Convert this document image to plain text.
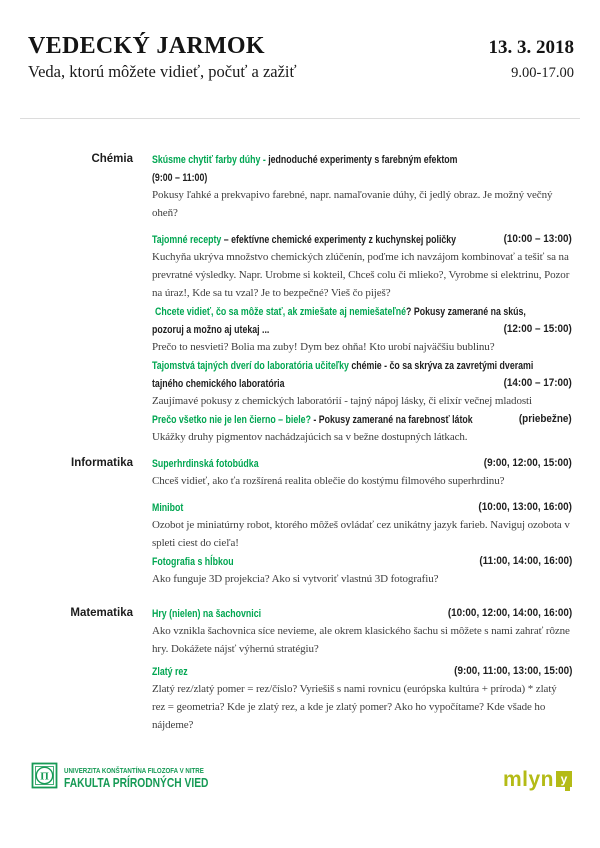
VEDECKÝ JARMOK	13. 3. 2018
Veda, ktorú môžete vidieť, počuť a zažiť	9.00-17.00
Chémia Skúsme chytiť farby dúhy - jednoduché experimenty s farebným efektom
(9:00 – 11:00)
Pokusy ľahké a prekvapivo farebné, napr. namaľovanie dúhy, či jedlý obraz. Je možný večný oheň?
Tajomné recepty – efektívne chemické experimenty z kuchynskej poličky	(10:00 – 13:00)
Kuchyňa ukrýva množstvo chemických zlúčenín, poďme ich navzájom kombinovať a tešiť sa na prevratné výsledky. Napr. Urobme si kokteil, Chceš colu či mlieko?, Vyrobme si elektrinu, Pozor na úraz!, Kde sa tu vzal? Je to bezpečné? Vieš čo piješ?
Chcete vidieť, čo sa môže stať, ak zmiešate aj nemiešateľné? Pokusy zamerané na skús,
pozoruj a možno aj utekaj ...	(12:00 – 15:00)
Prečo to nesvieti? Bolia ma zuby! Dym bez ohňa! Kto urobí najväčšiu bublinu?
Tajomstvá tajných dverí do laboratória učiteľky chémie - čo sa skrýva za zavretými dverami
tajného chemického laboratória	(14:00 – 17:00)
Zaujímavé pokusy z chemických laboratórií - tajný nápoj lásky, či elixír večnej mladosti
Prečo všetko nie je len čierno – biele? - Pokusy zamerané na farebnosť látok	(priebežne)
Ukážky druhy pigmentov nachádzajúcich sa v bežne dostupných látkach.
Informatika Superhrdinská fotobúdka	(9:00, 12:00, 15:00)
Chceš vidieť, ako ťa rozšírená realita oblečie do kostýmu filmového superhrdinu?
Minibot	(10:00, 13:00, 16:00)
Ozobot je miniatúrny robot, ktorého môžeš ovládať cez unikátny jazyk farieb. Naviguj ozobota v spleti ciest do cieľa!
Fotografia s hĺbkou	(11:00, 14:00, 16:00)
Ako funguje 3D projekcia? Ako si vytvoriť vlastnú 3D fotografiu?
Matematika Hry (nielen) na šachovnici	(10:00, 12:00, 14:00, 16:00)
Ako vznikla šachovnica síce nevieme, ale okrem klasického šachu si môžete s nami zahrať rôzne hry. Dokážete nájsť výhernú stratégiu?
Zlatý rez	(9:00, 11:00, 13:00, 15:00)
Zlatý rez/zlatý pomer = rez/číslo? Vyriešiš s nami rovnicu (európska kultúra + príroda) * zlatý rez = geometria? Kde je zlatý rez, a kde je zlatý pomer? Ako ho vypočítame? Kde všade ho nájdeme?
Π
UNIVERZITA KONŠTANTÍNA FILOZOFA V NITRE
FAKULTA PRÍRODNÝCH VIED	mlyn y
